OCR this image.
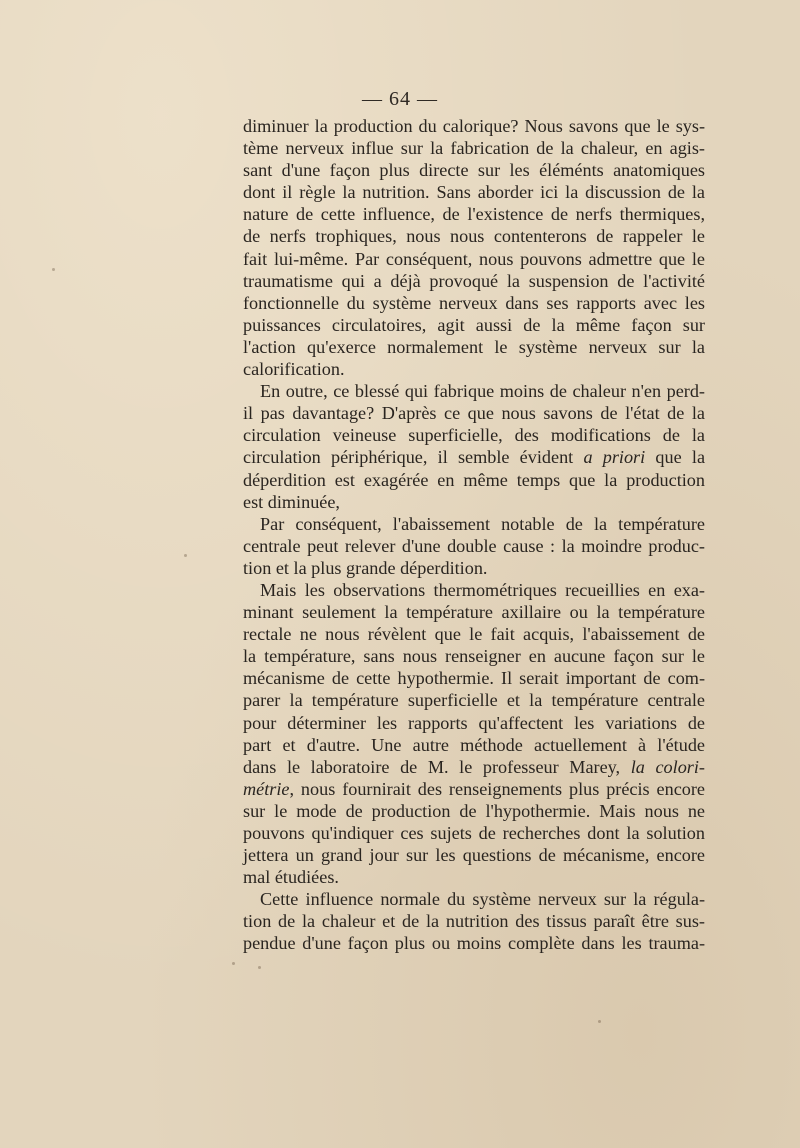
— 64 —
diminuer la production du calorique? Nous savons que le sys-
tème nerveux influe sur la fabrication de la chaleur, en agis-
sant d'une façon plus directe sur les éléménts anatomiques
dont il règle la nutrition. Sans aborder ici la discussion de la
nature de cette influence, de l'existence de nerfs thermiques,
de nerfs trophiques, nous nous contenterons de rappeler le
fait lui-même. Par conséquent, nous pouvons admettre que le
traumatisme qui a déjà provoqué la suspension de l'activité
fonctionnelle du système nerveux dans ses rapports avec les
puissances circulatoires, agit aussi de la même façon sur
l'action qu'exerce normalement le système nerveux sur la
calorification.
En outre, ce blessé qui fabrique moins de chaleur n'en perd-
il pas davantage? D'après ce que nous savons de l'état de la
circulation veineuse superficielle, des modifications de la
circulation périphérique, il semble évident a priori que la
déperdition est exagérée en même temps que la production
est diminuée,
Par conséquent, l'abaissement notable de la température
centrale peut relever d'une double cause : la moindre produc-
tion et la plus grande déperdition.
Mais les observations thermométriques recueillies en exa-
minant seulement la température axillaire ou la température
rectale ne nous révèlent que le fait acquis, l'abaissement de
la température, sans nous renseigner en aucune façon sur le
mécanisme de cette hypothermie. Il serait important de com-
parer la température superficielle et la température centrale
pour déterminer les rapports qu'affectent les variations de
part et d'autre. Une autre méthode actuellement à l'étude
dans le laboratoire de M. le professeur Marey, la colori-
métrie, nous fournirait des renseignements plus précis encore
sur le mode de production de l'hypothermie. Mais nous ne
pouvons qu'indiquer ces sujets de recherches dont la solution
jettera un grand jour sur les questions de mécanisme, encore
mal étudiées.
Cette influence normale du système nerveux sur la régula-
tion de la chaleur et de la nutrition des tissus paraît être sus-
pendue d'une façon plus ou moins complète dans les trauma-
